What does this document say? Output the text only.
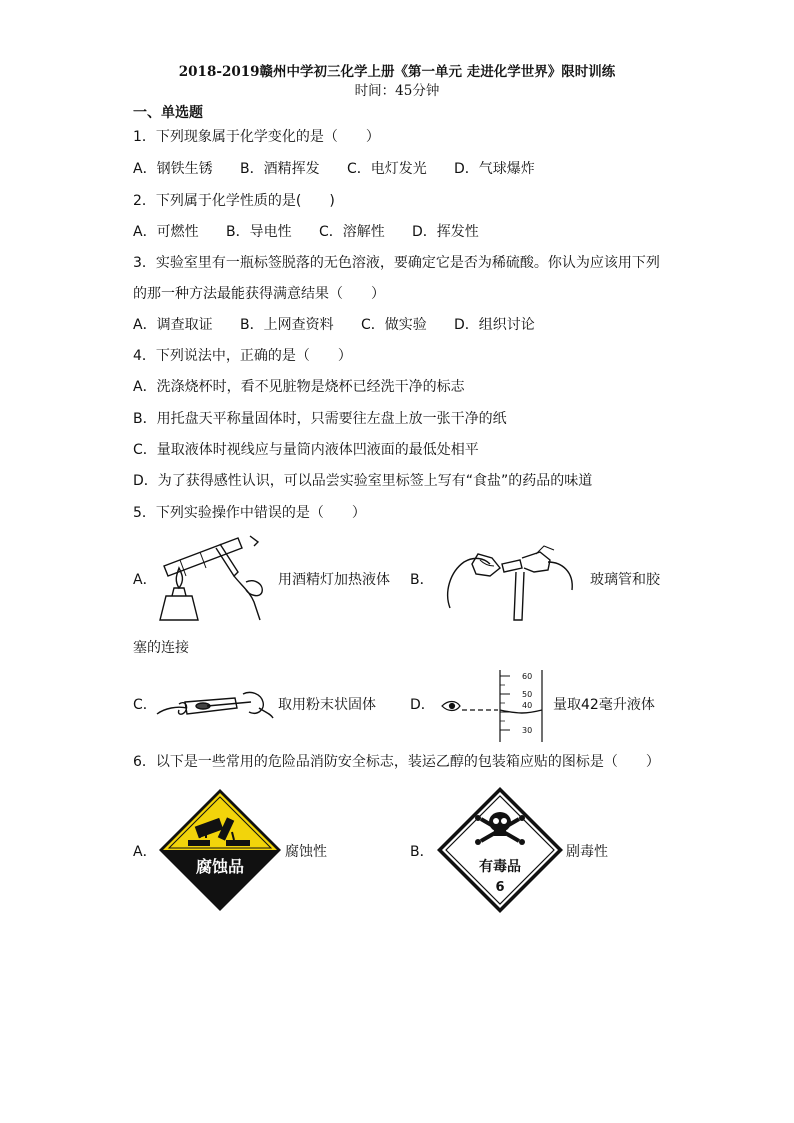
2018-2019赣州中学初三化学上册《第一单元 走进化学世界》限时训练
时间：45分钟
一、单选题
1．下列现象属于化学变化的是（　　）
A．钢铁生锈 B．酒精挥发 C．电灯发光 D．气球爆炸
2．下列属于化学性质的是(　　)
A．可燃性 B．导电性 C．溶解性 D．挥发性
3．实验室里有一瓶标签脱落的无色溶液，要确定它是否为稀硫酸。你认为应该用下列
的那一种方法最能获得满意结果（　　）
A．调查取证 B．上网查资料 C．做实验 D．组织讨论
4．下列说法中，正确的是（　　）
A．洗涤烧杯时，看不见脏物是烧杯已经洗干净的标志
B．用托盘天平称量固体时，只需要往左盘上放一张干净的纸
C．量取液体时视线应与量筒内液体凹液面的最低处相平
D．为了获得感性认识，可以品尝实验室里标签上写有“食盐”的药品的味道
5．下列实验操作中错误的是（　　）
A．	用酒精灯加热液体 B．	玻璃管和胶
塞的连接
C．	取用粉末状固体 D．
60
50
40
30
量取42毫升液体
6．以下是一些常用的危险品消防安全标志，装运乙醇的包装箱应贴的图标是（　　）
A．
腐蚀品
腐蚀性	B．
有毒品
6
剧毒性
